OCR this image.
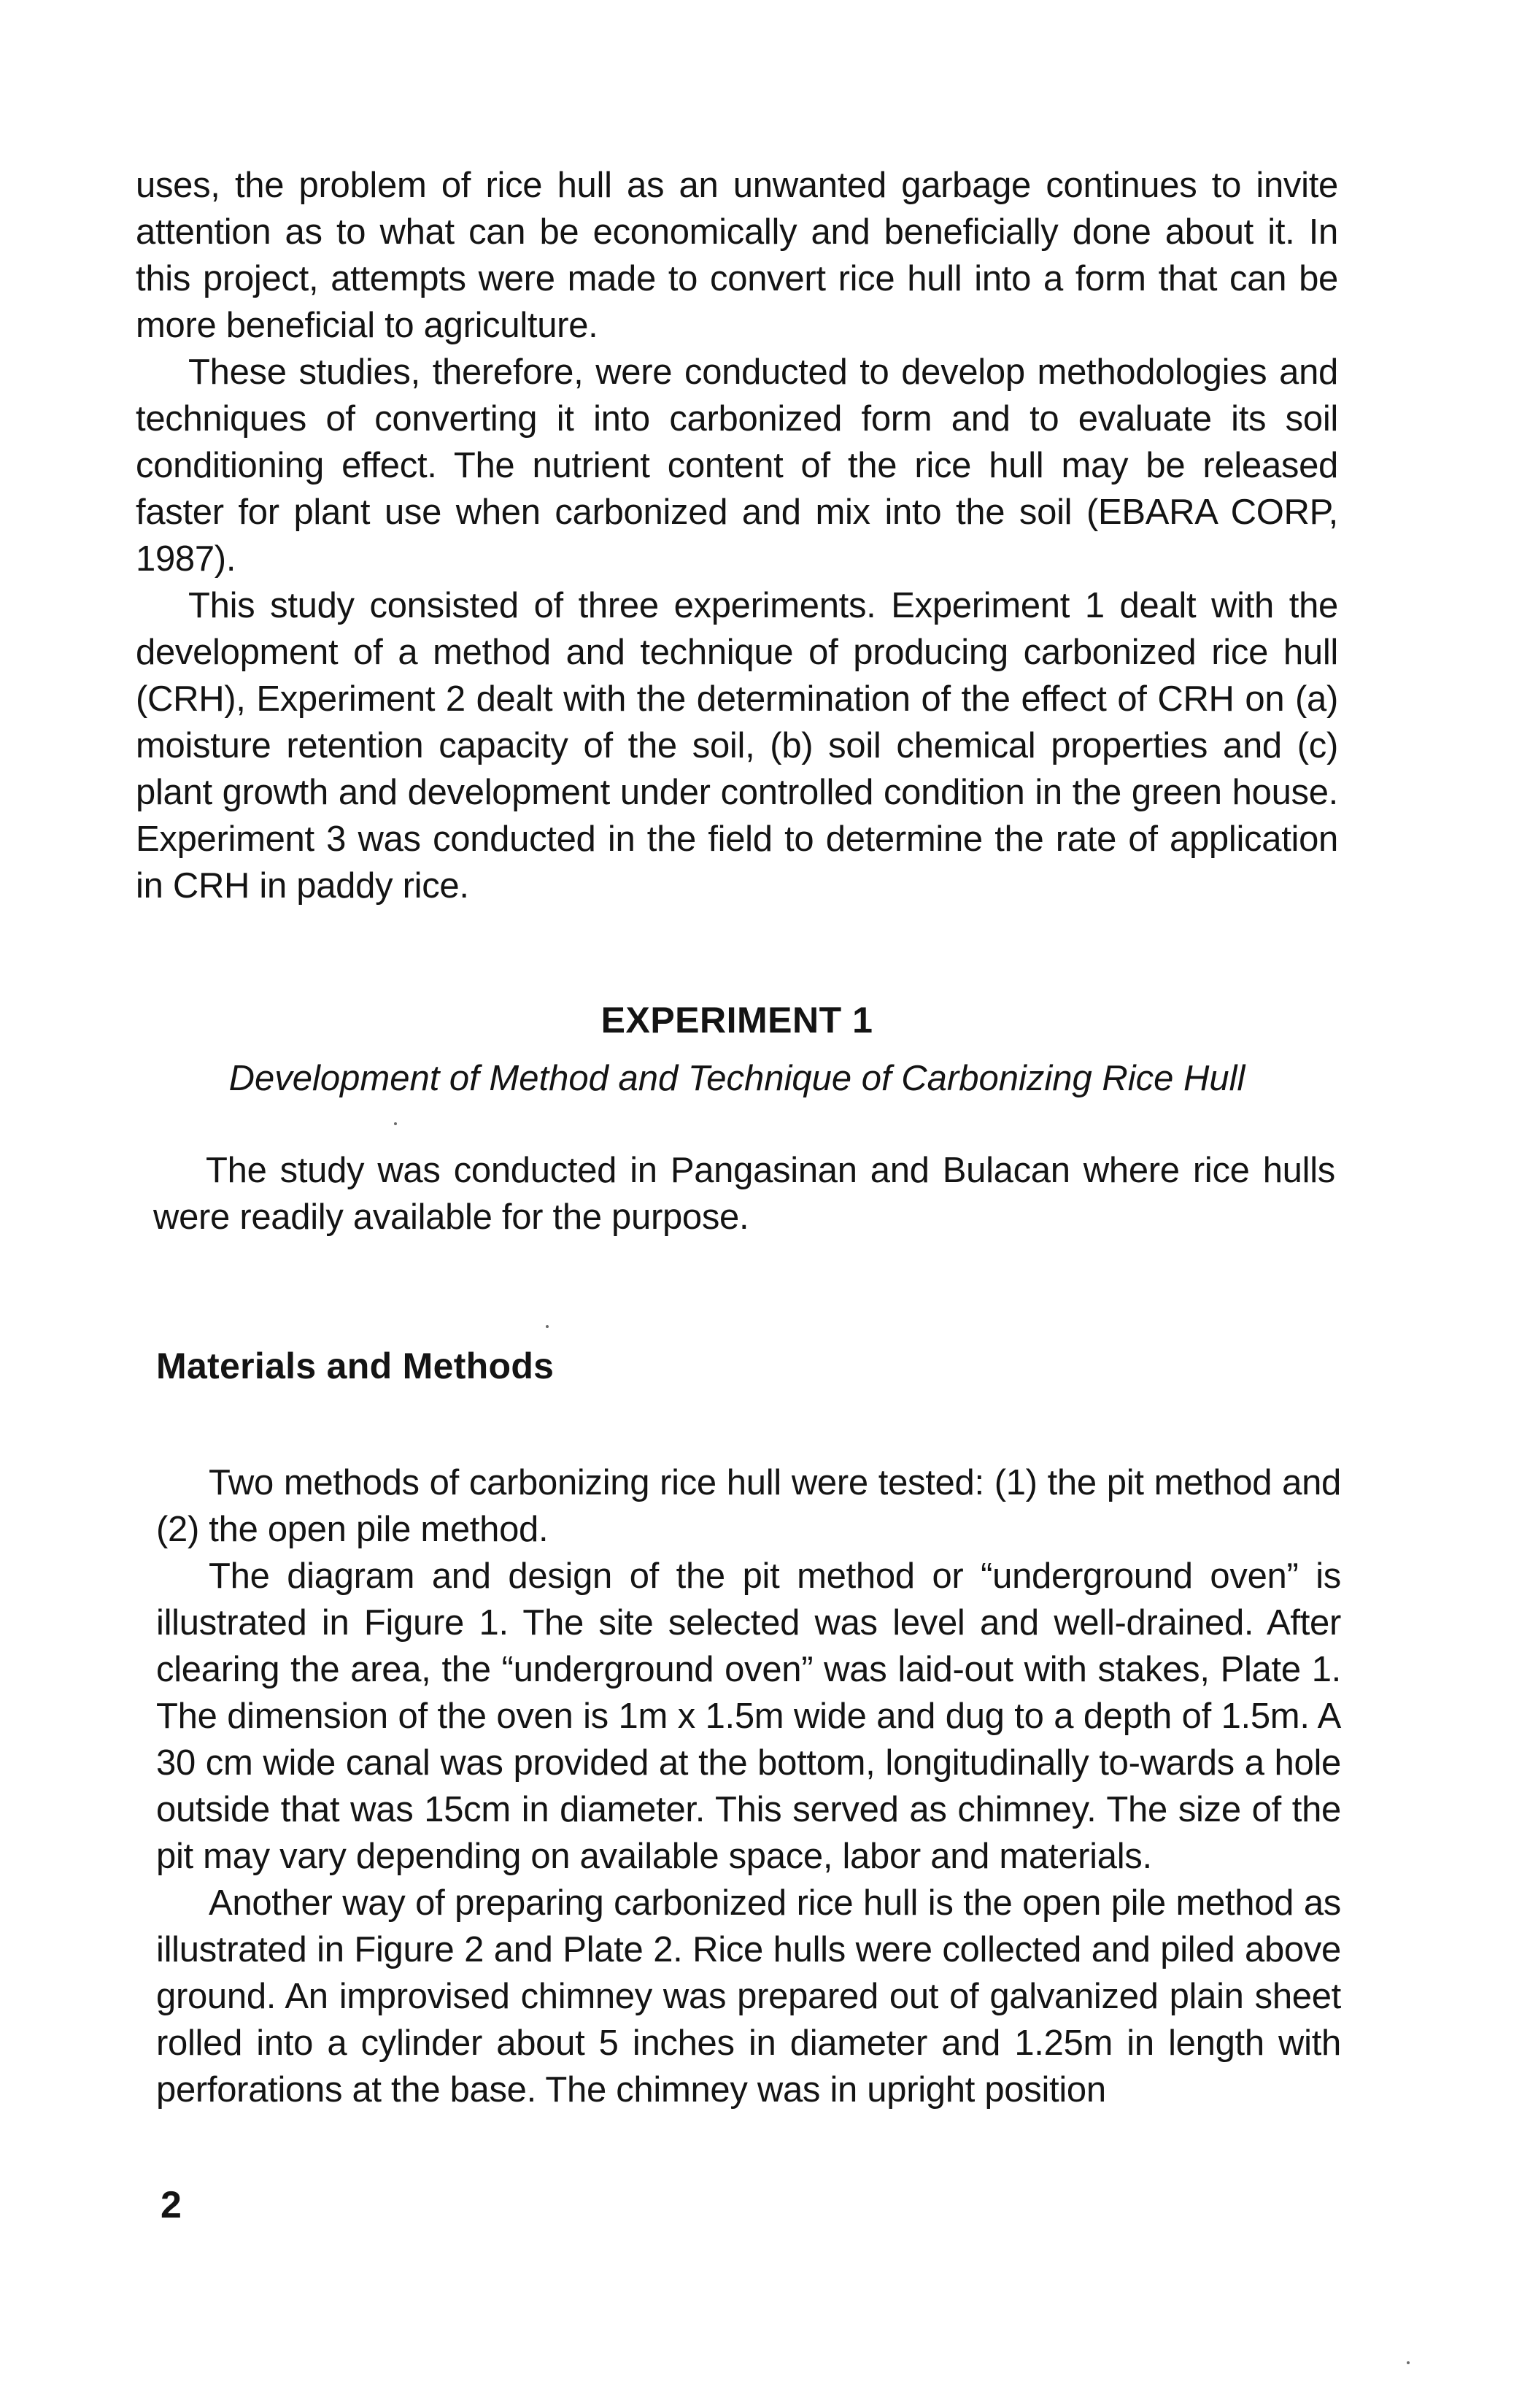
uses, the problem of rice hull as an unwanted garbage continues to invite attention as to what can be economically and beneficially done about it. In this project, attempts were made to convert rice hull into a form that can be more beneficial to agriculture.

These studies, therefore, were conducted to develop methodologies and techniques of converting it into carbonized form and to evaluate its soil conditioning effect. The nutrient content of the rice hull may be released faster for plant use when carbonized and mix into the soil (EBARA CORP, 1987).

This study consisted of three experiments. Experiment 1 dealt with the development of a method and technique of producing carbonized rice hull (CRH), Experiment 2 dealt with the determination of the effect of CRH on (a) moisture retention capacity of the soil, (b) soil chemical properties and (c) plant growth and development under controlled condition in the green house. Experiment 3 was conducted in the field to determine the rate of application in CRH in paddy rice.

EXPERIMENT 1
Development of Method and Technique of Carbonizing Rice Hull

The study was conducted in Pangasinan and Bulacan where rice hulls were readily available for the purpose.

Materials and Methods

Two methods of carbonizing rice hull were tested: (1) the pit method and (2) the open pile method.

The diagram and design of the pit method or “underground oven” is illustrated in Figure 1. The site selected was level and well-drained. After clearing the area, the “underground oven” was laid-out with stakes, Plate 1. The dimension of the oven is 1m x 1.5m wide and dug to a depth of 1.5m. A 30 cm wide canal was provided at the bottom, longitudinally to-wards a hole outside that was 15cm in diameter. This served as chimney. The size of the pit may vary depending on available space, labor and materials.

Another way of preparing carbonized rice hull is the open pile method as illustrated in Figure 2 and Plate 2. Rice hulls were collected and piled above ground. An improvised chimney was prepared out of galvanized plain sheet rolled into a cylinder about 5 inches in diameter and 1.25m in length with perforations at the base. The chimney was in upright position

2
